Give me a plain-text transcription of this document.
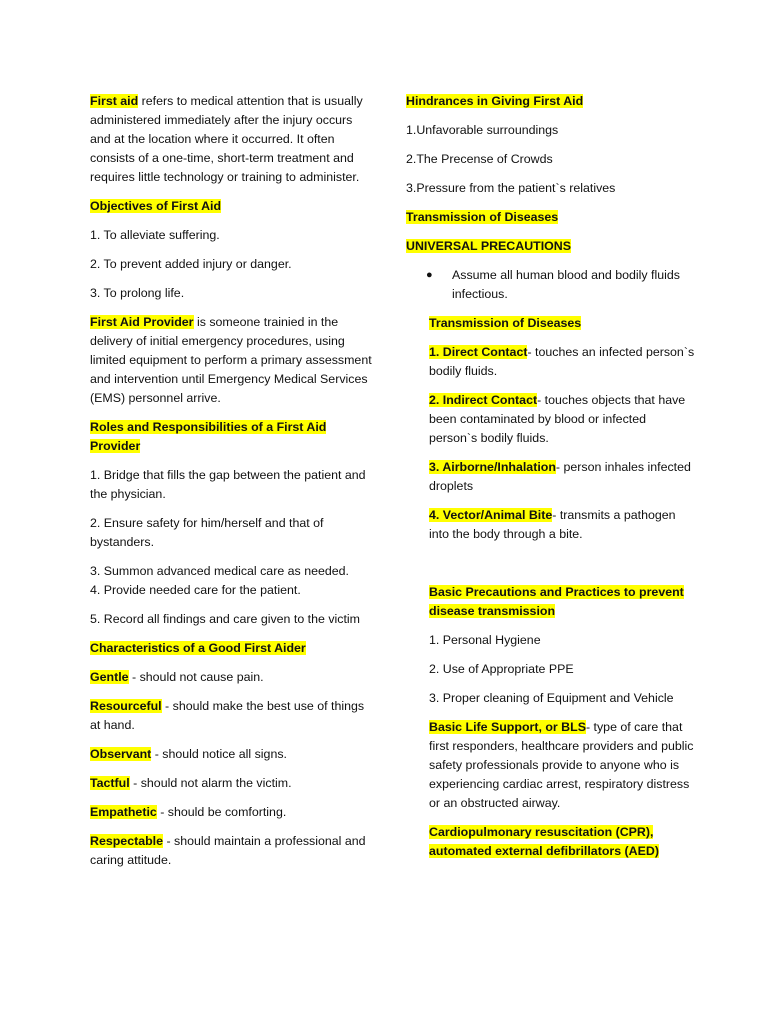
First aid refers to medical attention that is usually administered immediately after the injury occurs and at the location where it occurred. It often consists of a one-time, short-term treatment and requires little technology or training to administer.

Objectives of First Aid

1. To alleviate suffering.

2. To prevent added injury or danger.

3. To prolong life.

First Aid Provider is someone trainied in the delivery of initial emergency procedures, using limited equipment to perform a primary assessment and intervention until Emergency Medical Services (EMS) personnel arrive.

Roles and Responsibilities of a First Aid Provider

1. Bridge that fills the gap between the patient and the physician.

2. Ensure safety for him/herself and that of bystanders.

3. Summon advanced medical care as needed.
4. Provide needed care for the patient.

5. Record all findings and care given to the victim

Characteristics of a Good First Aider

Gentle - should not cause pain.

Resourceful - should make the best use of things at hand.

Observant - should notice all signs.

Tactful - should not alarm the victim.

Empathetic - should be comforting.

Respectable - should maintain a professional and caring attitude.

Hindrances in Giving First Aid

1.Unfavorable surroundings

2.The Precense of Crowds

3.Pressure from the patient`s relatives

Transmission of Diseases

UNIVERSAL PRECAUTIONS

●	Assume all human blood and bodily fluids infectious.

Transmission of Diseases

1. Direct Contact- touches an infected person`s bodily fluids.

2. Indirect Contact- touches objects that have been contaminated by blood or infected person`s bodily fluids.

3. Airborne/Inhalation- person inhales infected droplets

4. Vector/Animal Bite- transmits a pathogen into the body through a bite.

Basic Precautions and Practices to prevent disease transmission

1. Personal Hygiene

2. Use of Appropriate PPE

3. Proper cleaning of Equipment and Vehicle

Basic Life Support, or BLS- type of care that first responders, healthcare providers and public safety professionals provide to anyone who is experiencing cardiac arrest, respiratory distress or an obstructed airway.

Cardiopulmonary resuscitation (CPR),
automated external defibrillators (AED)
